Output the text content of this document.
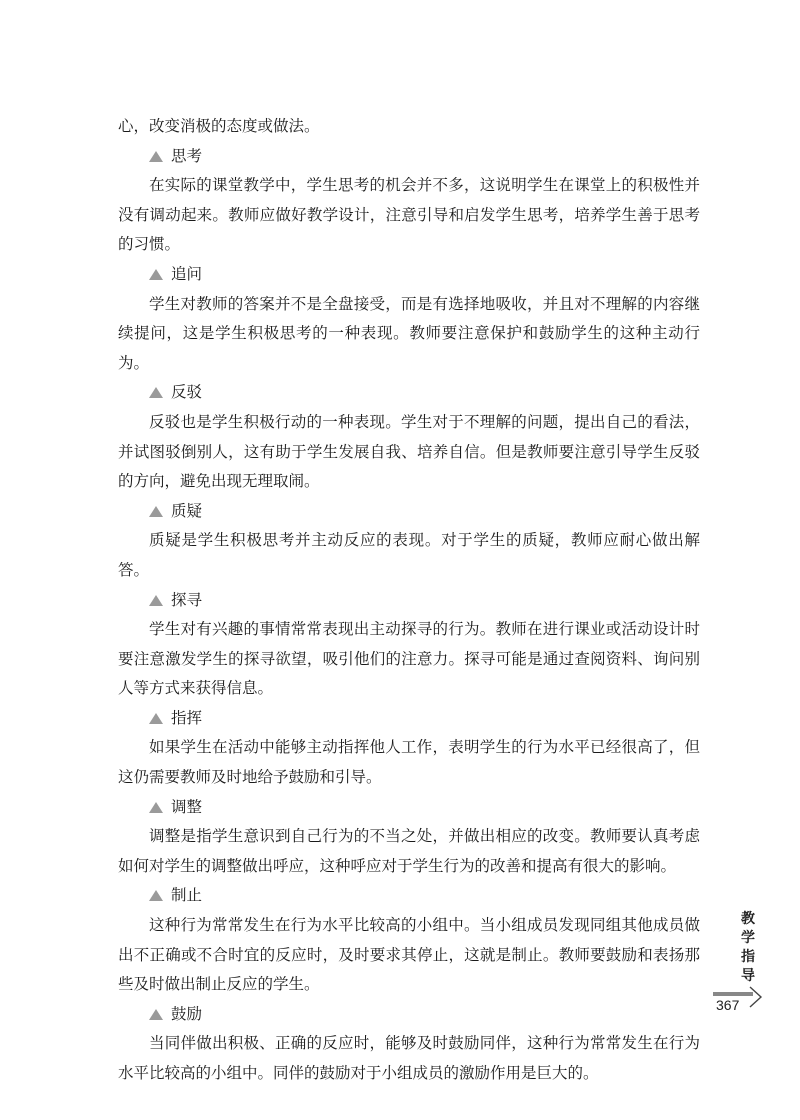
心，改变消极的态度或做法。

思考

在实际的课堂教学中，学生思考的机会并不多，这说明学生在课堂上的积极性并没有调动起来。教师应做好教学设计，注意引导和启发学生思考，培养学生善于思考的习惯。

追问

学生对教师的答案并不是全盘接受，而是有选择地吸收，并且对不理解的内容继续提问，这是学生积极思考的一种表现。教师要注意保护和鼓励学生的这种主动行为。

反驳

反驳也是学生积极行动的一种表现。学生对于不理解的问题，提出自己的看法，并试图驳倒别人，这有助于学生发展自我、培养自信。但是教师要注意引导学生反驳的方向，避免出现无理取闹。

质疑

质疑是学生积极思考并主动反应的表现。对于学生的质疑，教师应耐心做出解答。

探寻

学生对有兴趣的事情常常表现出主动探寻的行为。教师在进行课业或活动设计时要注意激发学生的探寻欲望，吸引他们的注意力。探寻可能是通过查阅资料、询问别人等方式来获得信息。

指挥

如果学生在活动中能够主动指挥他人工作，表明学生的行为水平已经很高了，但这仍需要教师及时地给予鼓励和引导。

调整

调整是指学生意识到自己行为的不当之处，并做出相应的改变。教师要认真考虑如何对学生的调整做出呼应，这种呼应对于学生行为的改善和提高有很大的影响。

制止

这种行为常常发生在行为水平比较高的小组中。当小组成员发现同组其他成员做出不正确或不合时宜的反应时，及时要求其停止，这就是制止。教师要鼓励和表扬那些及时做出制止反应的学生。

鼓励

当同伴做出积极、正确的反应时，能够及时鼓励同伴，这种行为常常发生在行为水平比较高的小组中。同伴的鼓励对于小组成员的激励作用是巨大的。

教
学
指
导
367
